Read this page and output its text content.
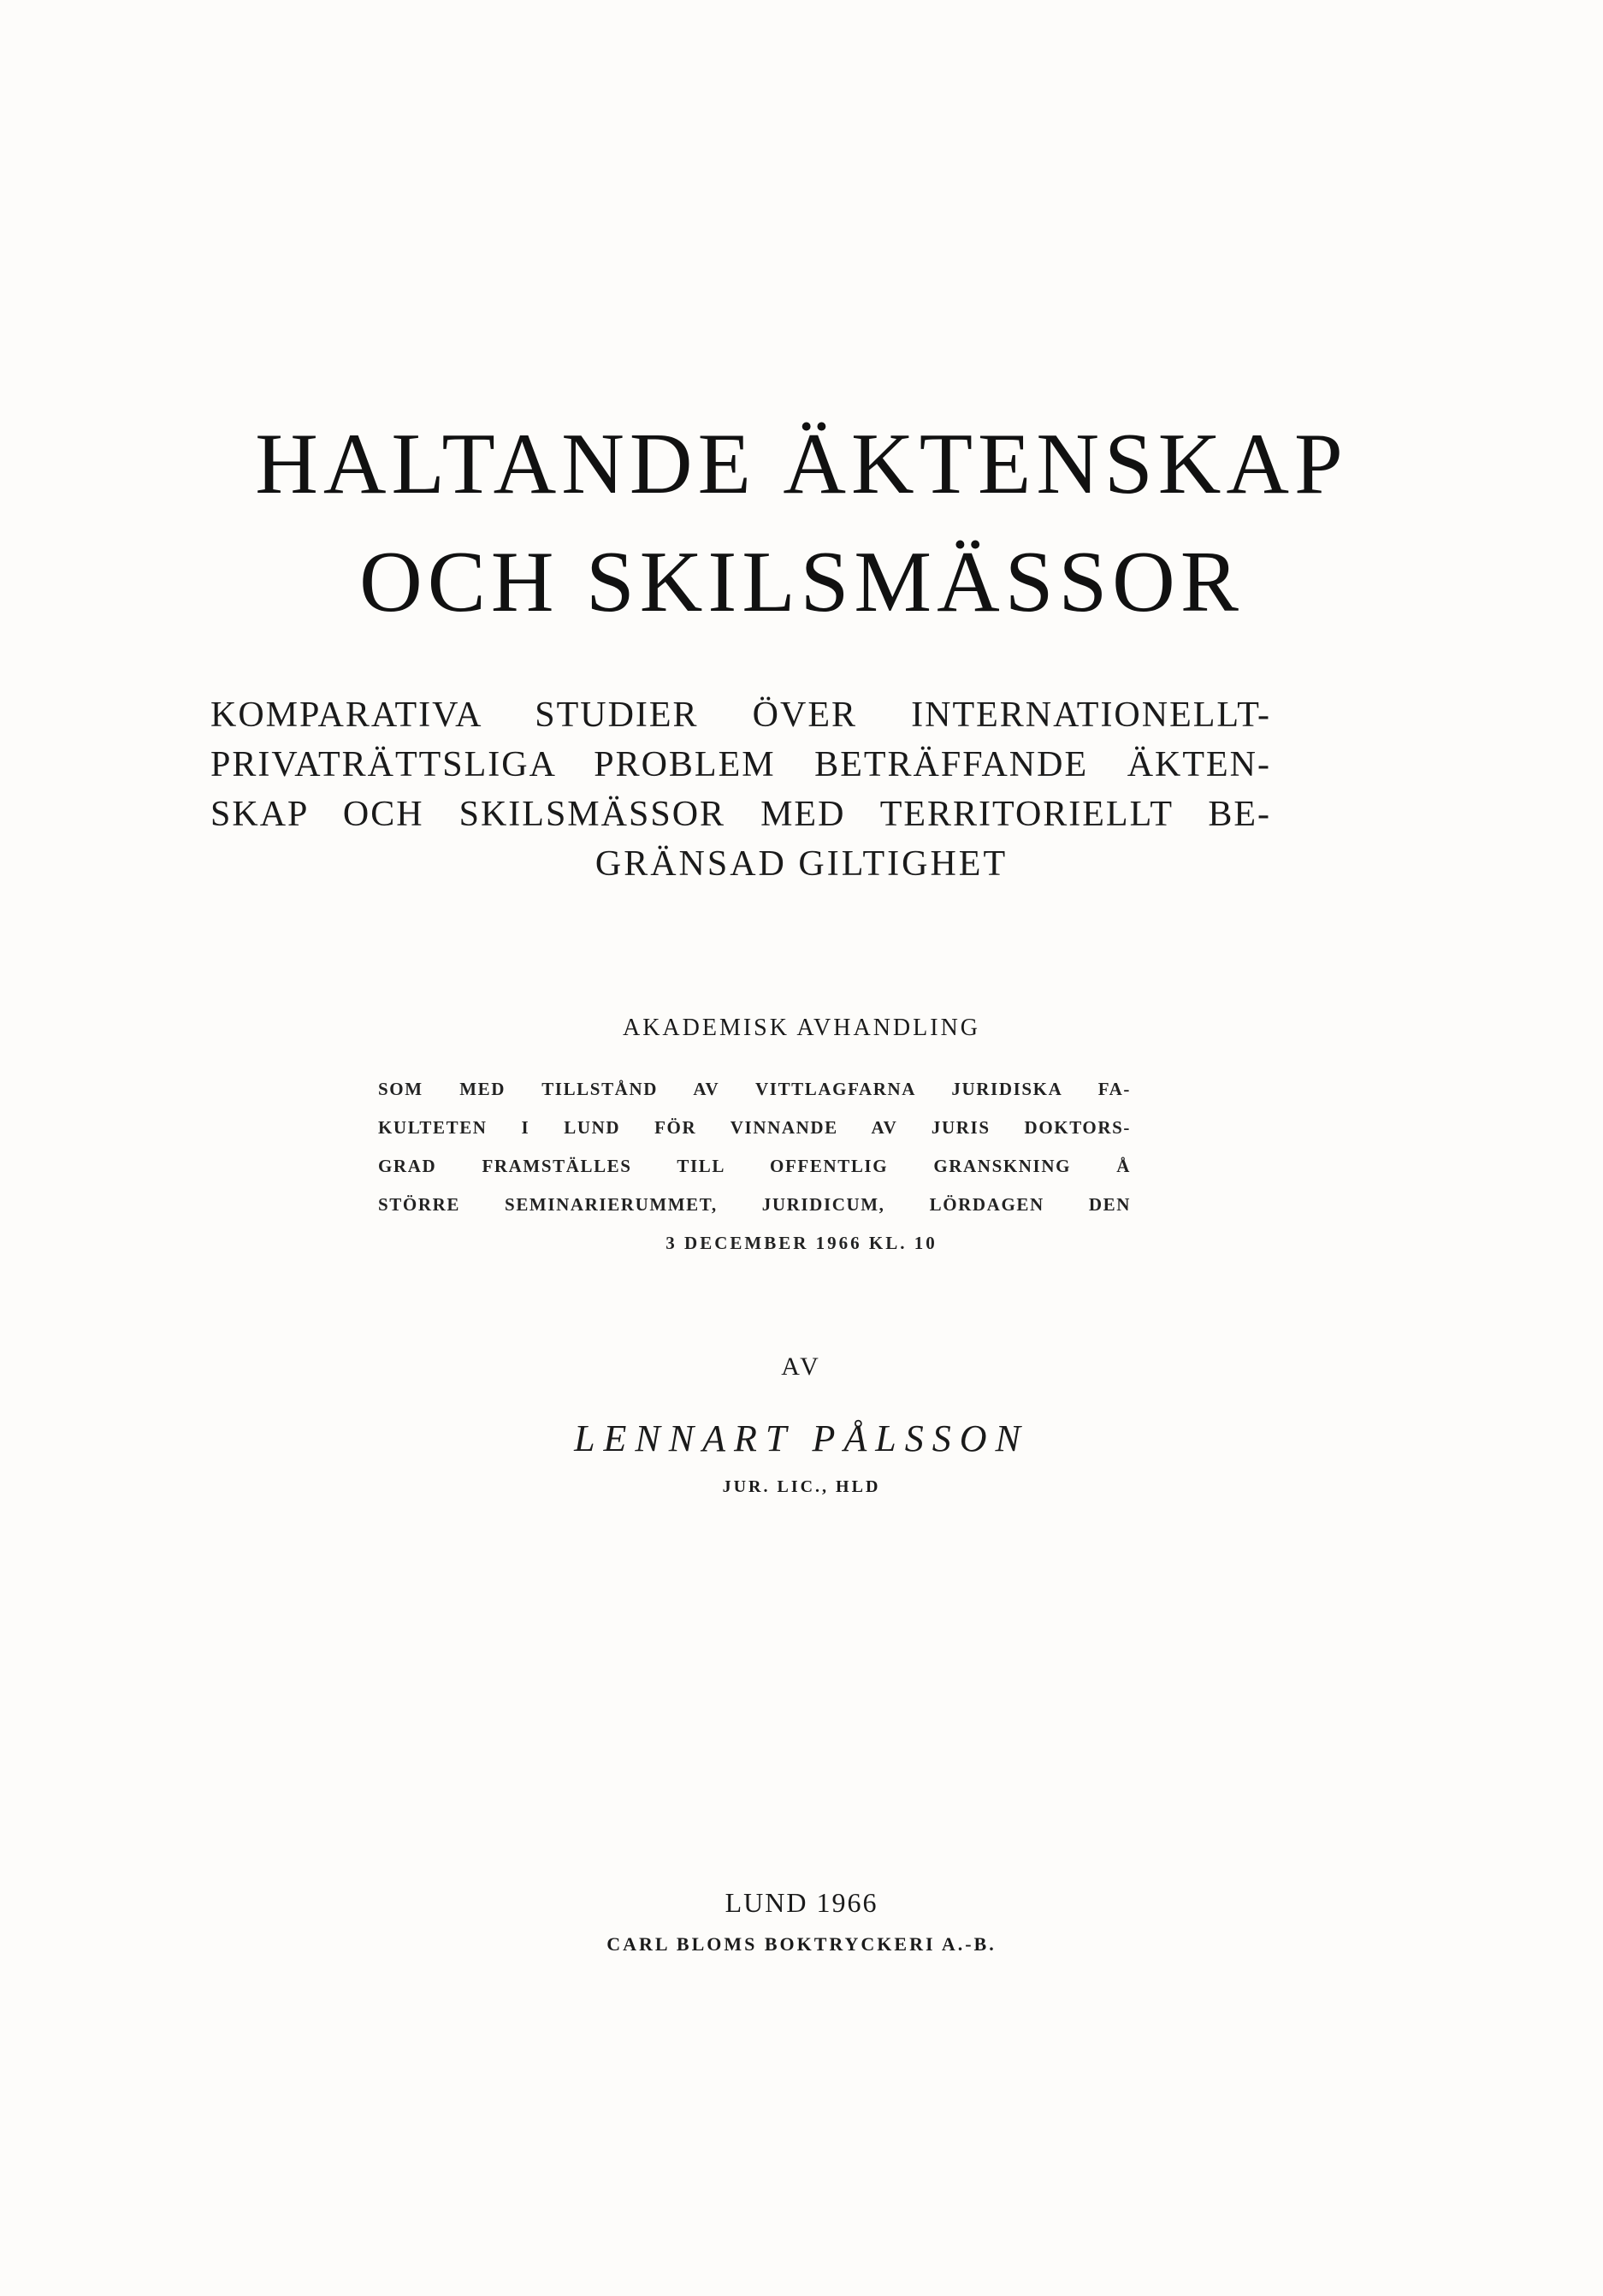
HALTANDE ÄKTENSKAP
OCH SKILSMÄSSOR
KOMPARATIVA STUDIER ÖVER INTERNATIONELLT-
PRIVATRÄTTSLIGA PROBLEM BETRÄFFANDE ÄKTEN-
SKAP OCH SKILSMÄSSOR MED TERRITORIELLT BE-
GRÄNSAD GILTIGHET
AKADEMISK AVHANDLING
SOM MED TILLSTÅND AV VITTLAGFARNA JURIDISKA FA-
KULTETEN I LUND FÖR VINNANDE AV JURIS DOKTORS-
GRAD FRAMSTÄLLES TILL OFFENTLIG GRANSKNING Å
STÖRRE SEMINARIERUMMET, JURIDICUM, LÖRDAGEN DEN
3 DECEMBER 1966 KL. 10
AV
LENNART PÅLSSON
JUR. LIC., HLD
LUND 1966
CARL BLOMS BOKTRYCKERI A.-B.
